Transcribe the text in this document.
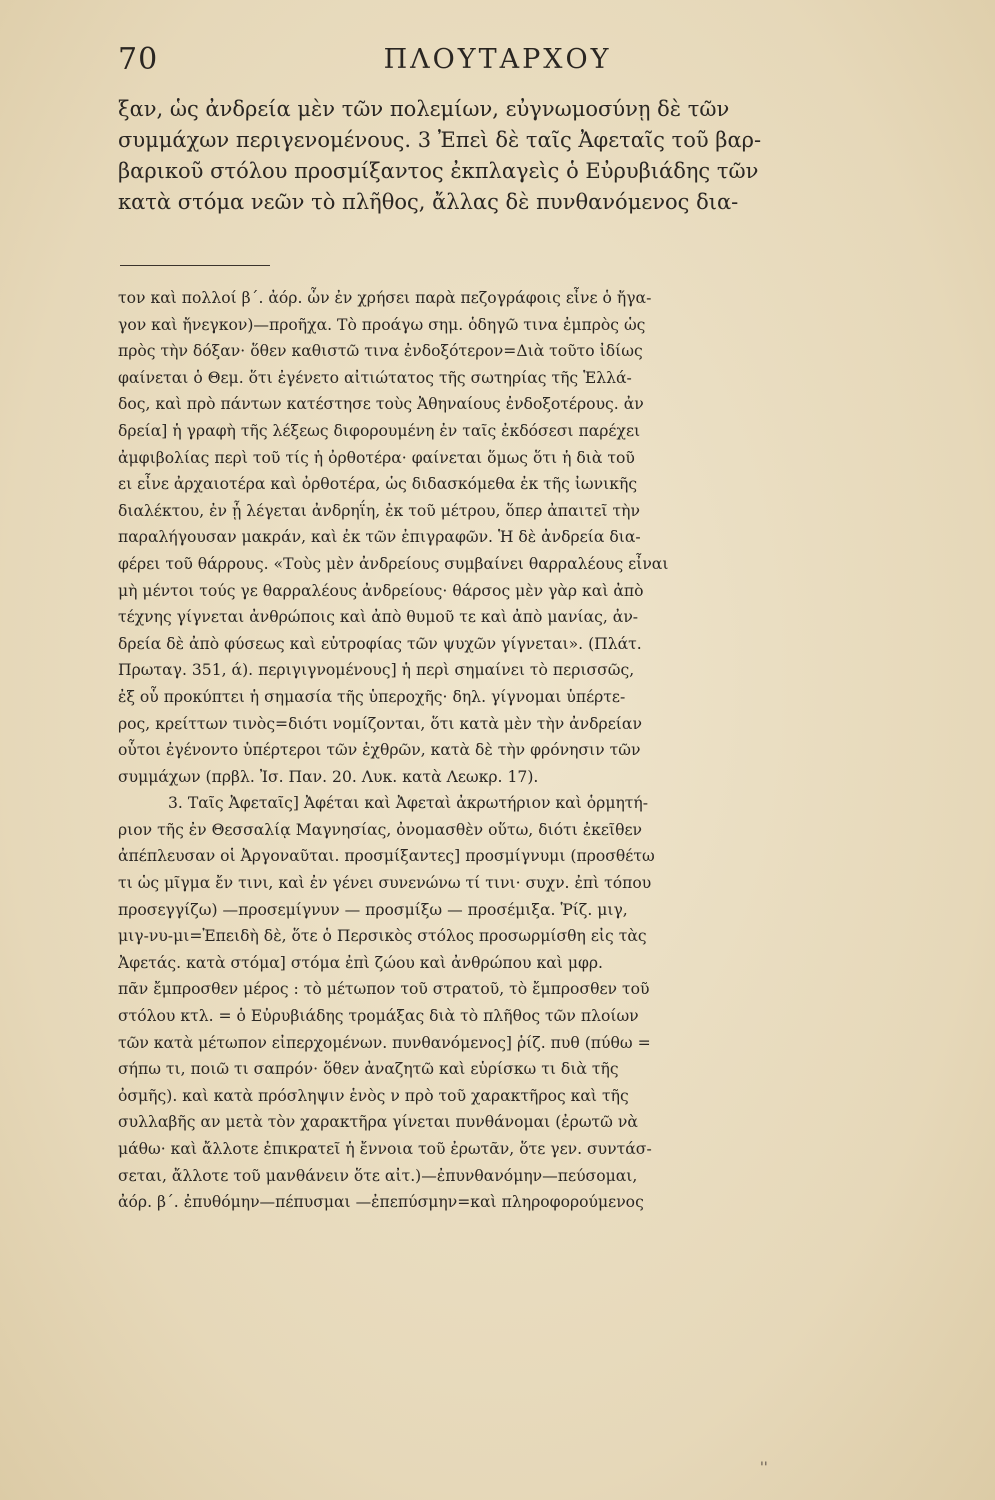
70	ΠΛΟΥΤΑΡΧΟΥ
ξαν, ὡς ἀνδρεία μὲν τῶν πολεμίων, εὐγνωμοσύνῃ δὲ τῶν
συμμάχων περιγενομένους. 3 Ἐπεὶ δὲ ταῖς Ἀφεταῖς τοῦ βαρ-
βαρικοῦ στόλου προσμίξαντος ἐκπλαγεὶς ὁ Εὐρυβιάδης τῶν
κατὰ στόμα νεῶν τὸ πλῆθος, ἄλλας δὲ πυνθανόμενος δια-
τον καὶ πολλοί β΄. ἀόρ. ὧν ἐν χρήσει παρὰ πεζογράφοις εἶνε ὁ ἤγα-
γον καὶ ἤνεγκον)—προῆχα. Τὸ προάγω σημ. ὁδηγῶ τινα ἐμπρὸς ὡς
πρὸς τὴν δόξαν· ὅθεν καθιστῶ τινα ἐνδοξότερον=Διὰ τοῦτο ἰδίως
φαίνεται ὁ Θεμ. ὅτι ἐγένετο αἰτιώτατος τῆς σωτηρίας τῆς Ἑλλά-
δος, καὶ πρὸ πάντων κατέστησε τοὺς Ἀθηναίους ἐνδοξοτέρους. ἀν
δρεία] ἡ γραφὴ τῆς λέξεως διφορουμένη ἐν ταῖς ἐκδόσεσι παρέχει
ἀμφιβολίας περὶ τοῦ τίς ἡ ὀρθοτέρα· φαίνεται ὅμως ὅτι ἡ διὰ τοῦ
ει εἶνε ἀρχαιοτέρα καὶ ὀρθοτέρα, ὡς διδασκόμεθα ἐκ τῆς ἰωνικῆς
διαλέκτου, ἐν ᾗ λέγεται ἀνδρηΐη, ἐκ τοῦ μέτρου, ὅπερ ἀπαιτεῖ τὴν
παραλήγουσαν μακράν, καὶ ἐκ τῶν ἐπιγραφῶν. Ἡ δὲ ἀνδρεία δια-
φέρει τοῦ θάρρους. «Τοὺς μὲν ἀνδρείους συμβαίνει θαρραλέους εἶναι
μὴ μέντοι τούς γε θαρραλέους ἀνδρείους· θάρσος μὲν γὰρ καὶ ἀπὸ
τέχνης γίγνεται ἀνθρώποις καὶ ἀπὸ θυμοῦ τε καὶ ἀπὸ μανίας, ἀν-
δρεία δὲ ἀπὸ φύσεως καὶ εὐτροφίας τῶν ψυχῶν γίγνεται». (Πλάτ.
Πρωταγ. 351, ά). περιγιγνομένους] ἡ περὶ σημαίνει τὸ περισσῶς,
ἐξ οὗ προκύπτει ἡ σημασία τῆς ὑπεροχῆς· δηλ. γίγνομαι ὑπέρτε-
ρος, κρείττων τινὸς=διότι νομίζονται, ὅτι κατὰ μὲν τὴν ἀνδρείαν
οὗτοι ἐγένοντο ὑπέρτεροι τῶν ἐχθρῶν, κατὰ δὲ τὴν φρόνησιν τῶν
συμμάχων (πρβλ. Ἰσ. Παν. 20. Λυκ. κατὰ Λεωκρ. 17).
3. Ταῖς Ἀφεταῖς] Ἀφέται καὶ Ἀφεταὶ ἀκρωτήριον καὶ ὁρμητή-
ριον τῆς ἐν Θεσσαλίᾳ Μαγνησίας, ὀνομασθὲν οὕτω, διότι ἐκεῖθεν
ἀπέπλευσαν οἱ Ἀργοναῦται. προσμίξαντες] προσμίγνυμι (προσθέτω
τι ὡς μῖγμα ἔν τινι, καὶ ἐν γένει συνενώνω τί τινι· συχν. ἐπὶ τόπου
προσεγγίζω) —προσεμίγνυν — προσμίξω — προσέμιξα. Ῥίζ. μιγ,
μιγ-νυ-μι=Ἐπειδὴ δὲ, ὅτε ὁ Περσικὸς στόλος προσωρμίσθη εἰς τὰς
Ἀφετάς. κατὰ στόμα] στόμα ἐπὶ ζώου καὶ ἀνθρώπου καὶ μφρ.
πᾶν ἔμπροσθεν μέρος : τὸ μέτωπον τοῦ στρατοῦ, τὸ ἔμπροσθεν τοῦ
στόλου κτλ. = ὁ Εὐρυβιάδης τρομάξας διὰ τὸ πλῆθος τῶν πλοίων
τῶν κατὰ μέτωπον εἰπερχομένων. πυνθανόμενος] ῥίζ. πυθ (πύθω =
σήπω τι, ποιῶ τι σαπρόν· ὅθεν ἀναζητῶ καὶ εὑρίσκω τι διὰ τῆς
ὀσμῆς). καὶ κατὰ πρόσληψιν ἑνὸς ν πρὸ τοῦ χαρακτῆρος καὶ τῆς
συλλαβῆς αν μετὰ τὸν χαρακτῆρα γίνεται πυνθάνομαι (ἐρωτῶ νὰ
μάθω· καὶ ἄλλοτε ἐπικρατεῖ ἡ ἔννοια τοῦ ἐρωτᾶν, ὅτε γεν. συντάσ-
σεται, ἄλλοτε τοῦ μανθάνειν ὅτε αἰτ.)—ἐπυνθανόμην—πεύσομαι,
ἀόρ. β΄. ἐπυθόμην—πέπυσμαι —ἐπεπύσμην=καὶ πληροφορούμενος
''
